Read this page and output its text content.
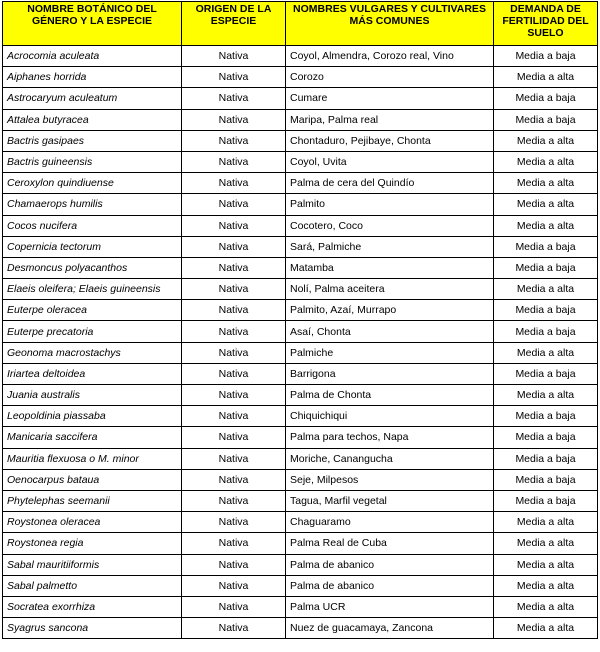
NOMBRE BOTÁNICO DEL GÉNERO Y LA ESPECIE	ORIGEN DE LA ESPECIE	NOMBRES VULGARES Y CULTIVARES MÁS COMUNES	DEMANDA DE FERTILIDAD DEL SUELO
Acrocomia aculeata	Nativa	Coyol, Almendra, Corozo real, Vino	Media a baja
Aiphanes horrida	Nativa	Corozo	Media a alta
Astrocaryum aculeatum	Nativa	Cumare	Media a baja
Attalea butyracea	Nativa	Maripa, Palma real	Media a baja
Bactris gasipaes	Nativa	Chontaduro, Pejibaye, Chonta	Media a alta
Bactris guineensis	Nativa	Coyol, Uvita	Media a alta
Ceroxylon quindiuense	Nativa	Palma de cera del Quindío	Media a alta
Chamaerops humilis	Nativa	Palmito	Media a alta
Cocos nucifera	Nativa	Cocotero, Coco	Media a alta
Copernicia tectorum	Nativa	Sará, Palmiche	Media a baja
Desmoncus polyacanthos	Nativa	Matamba	Media a baja
Elaeis oleifera; Elaeis guineensis	Nativa	Nolí, Palma aceitera	Media a alta
Euterpe oleracea	Nativa	Palmito, Azaí, Murrapo	Media a baja
Euterpe precatoria	Nativa	Asaí, Chonta	Media a baja
Geonoma macrostachys	Nativa	Palmiche	Media a alta
Iriartea deltoidea	Nativa	Barrigona	Media a baja
Juania australis	Nativa	Palma de Chonta	Media a alta
Leopoldinia piassaba	Nativa	Chiquichiqui	Media a baja
Manicaria saccifera	Nativa	Palma para techos, Napa	Media a baja
Mauritia flexuosa o M. minor	Nativa	Moriche, Canangucha	Media a baja
Oenocarpus bataua	Nativa	Seje, Milpesos	Media a baja
Phytelephas seemanii	Nativa	Tagua, Marfil vegetal	Media a baja
Roystonea oleracea	Nativa	Chaguaramo	Media a alta
Roystonea regia	Nativa	Palma Real de Cuba	Media a alta
Sabal mauritiiformis	Nativa	Palma de abanico	Media a alta
Sabal palmetto	Nativa	Palma de abanico	Media a alta
Socratea exorrhiza	Nativa	Palma UCR	Media a alta
Syagrus sancona	Nativa	Nuez de guacamaya, Zancona	Media a alta
